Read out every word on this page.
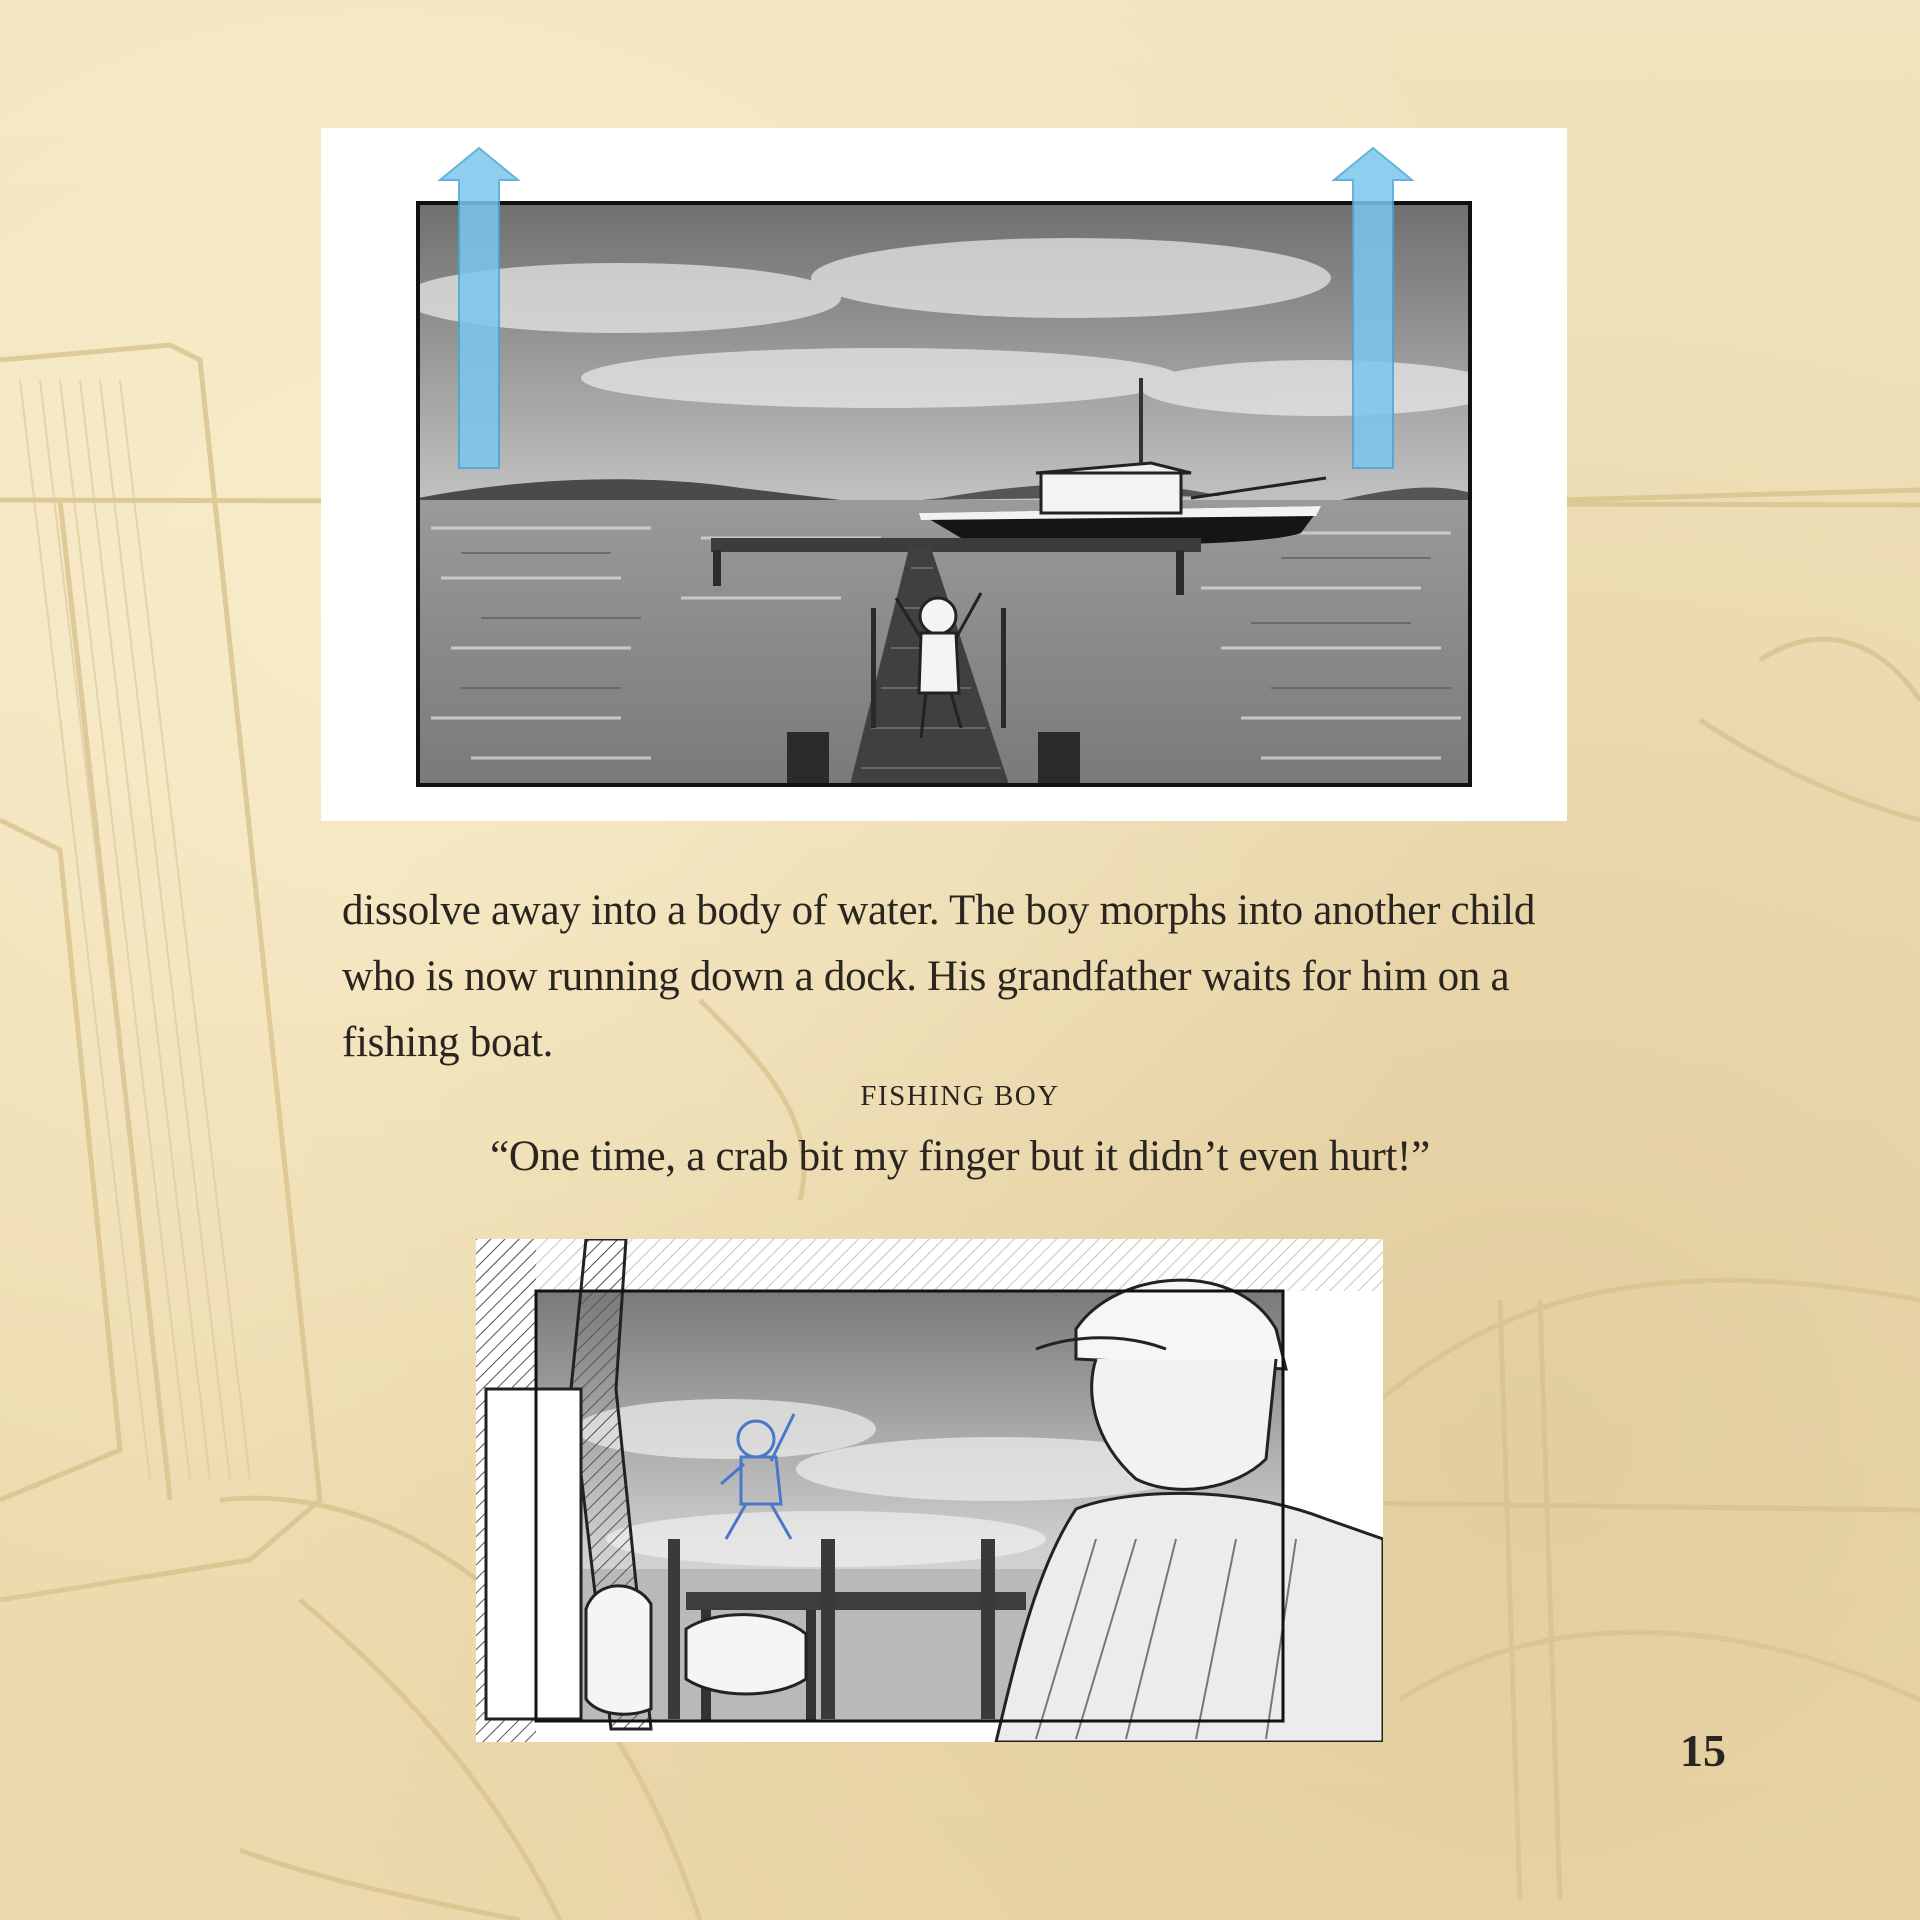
dissolve away into a body of water. The boy morphs into another child
who is now running down a dock. His grandfather waits for him on a
fishing boat.
FISHING BOY
“One time, a crab bit my finger but it didn’t even hurt!”
15
